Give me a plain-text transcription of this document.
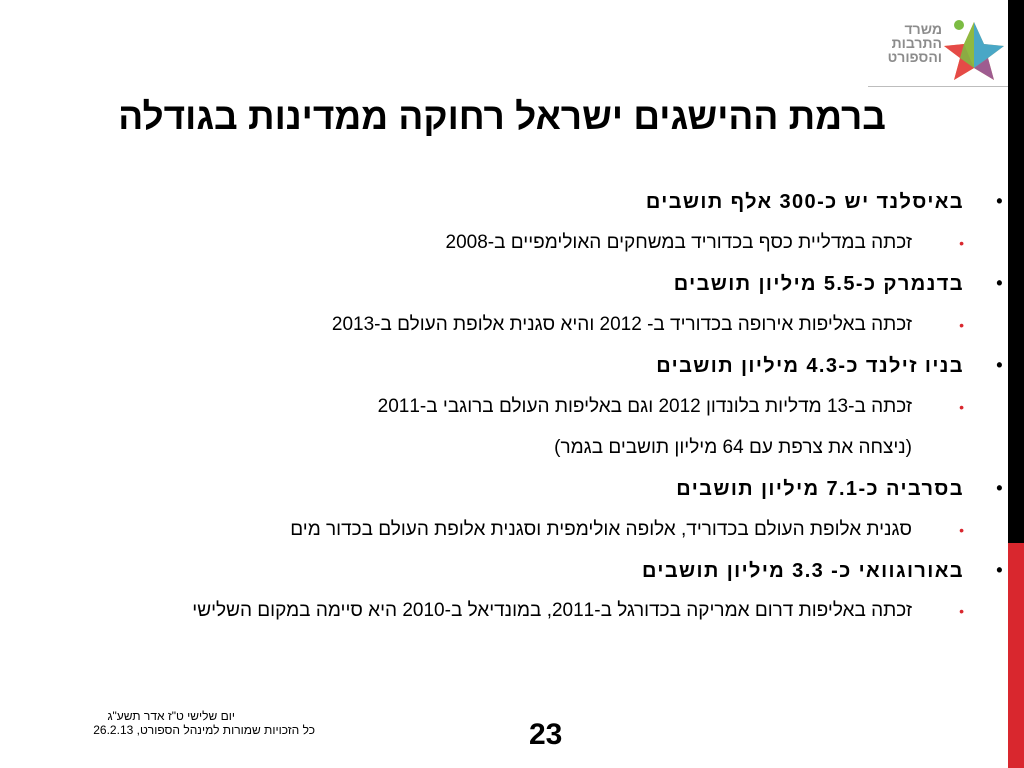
משרד
התרבות
והספורט
ברמת ההישגים ישראל רחוקה ממדינות בגודלה
•
באיסלנד יש כ-300 אלף תושבים
•
זכתה במדליית כסף בכדוריד במשחקים האולימפיים ב-2008
•
בדנמרק כ-5.5 מיליון תושבים
•
זכתה באליפות אירופה בכדוריד ב- 2012 והיא סגנית אלופת העולם ב-2013
•
בניו זילנד כ-4.3 מיליון תושבים
•
זכתה ב-13 מדליות בלונדון 2012 וגם באליפות העולם ברוגבי ב-2011
(ניצחה את צרפת עם 64 מיליון תושבים בגמר)
•
בסרביה כ-7.1 מיליון תושבים
•
סגנית אלופת העולם בכדוריד, אלופה אולימפית וסגנית אלופת העולם בכדור מים
•
באורוגוואי כ- 3.3 מיליון תושבים
•
זכתה באליפות דרום אמריקה בכדורגל ב-2011, במונדיאל ב-2010 היא סיימה במקום השלישי
יום שלישי ט"ז אדר תשע"ג
כל הזכויות שמורות למינהל הספורט, 26.2.13	23
